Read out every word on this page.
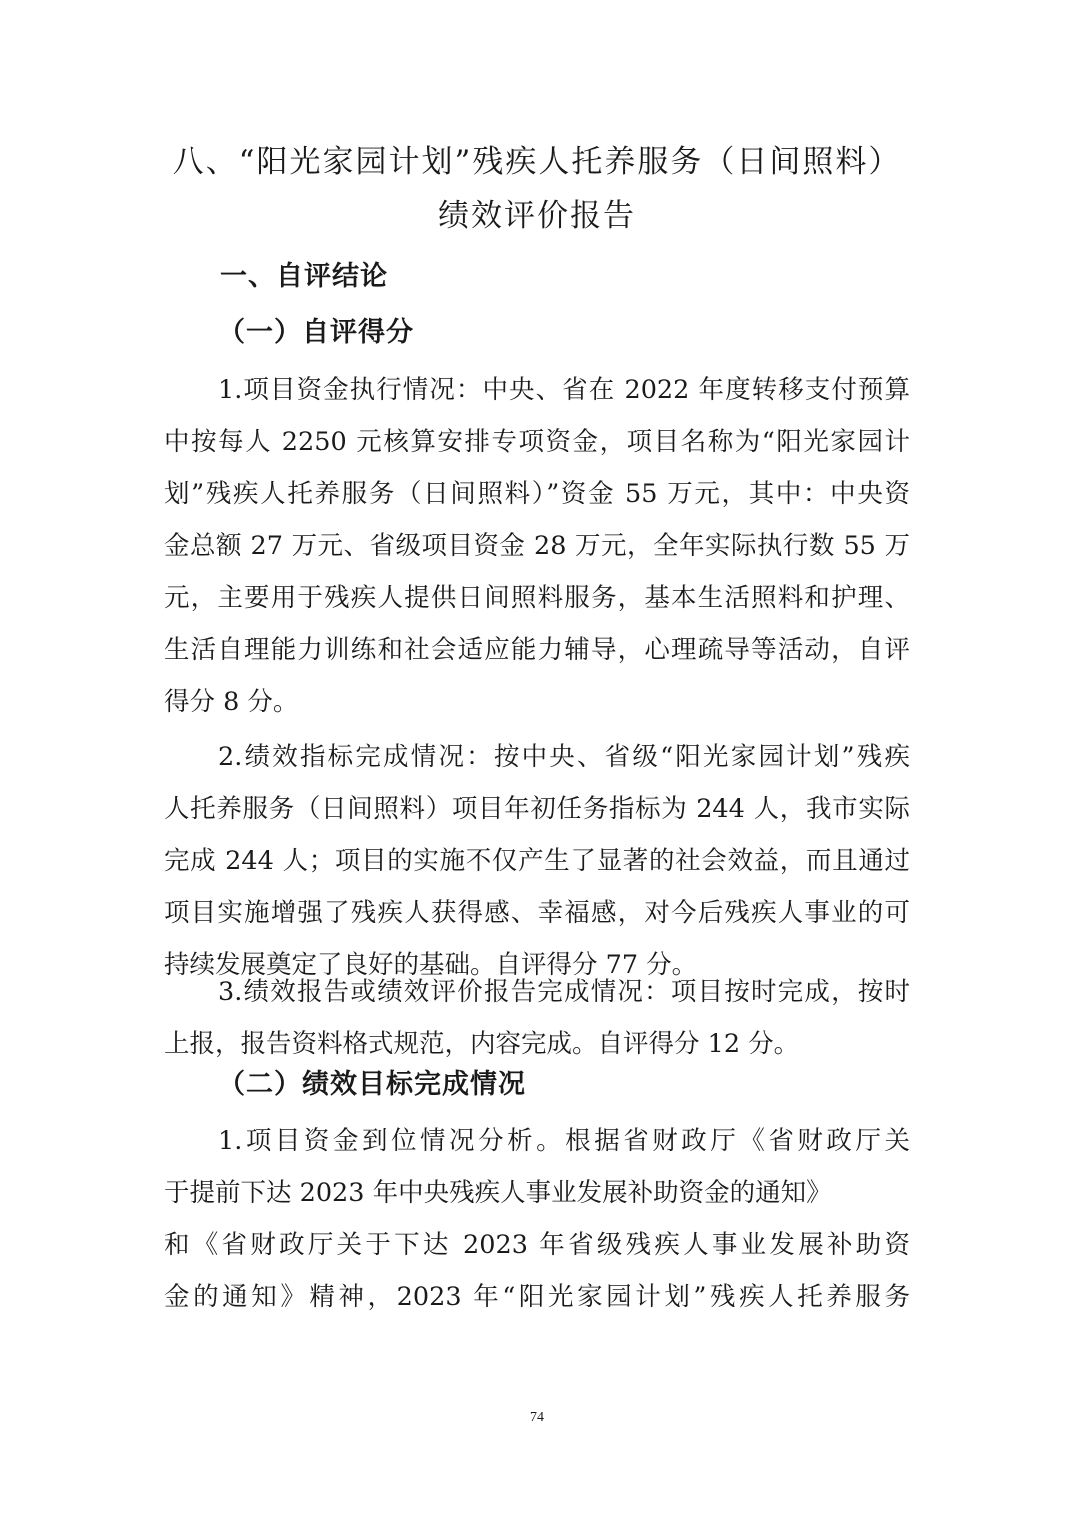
八、“阳光家园计划”残疾人托养服务（日间照料）
绩效评价报告
一、自评结论
（一）自评得分
1.项目资金执行情况：中央、省在 2022 年度转移支付预算
中按每人 2250 元核算安排专项资金，项目名称为“阳光家园计
划”残疾人托养服务（日间照料）”资金 55 万元，其中：中央资
金总额 27 万元、省级项目资金 28 万元，全年实际执行数 55 万
元，主要用于残疾人提供日间照料服务，基本生活照料和护理、
生活自理能力训练和社会适应能力辅导，心理疏导等活动，自评
得分 8 分。
2.绩效指标完成情况：按中央、省级“阳光家园计划”残疾
人托养服务（日间照料）项目年初任务指标为 244 人，我市实际
完成 244 人；项目的实施不仅产生了显著的社会效益，而且通过
项目实施增强了残疾人获得感、幸福感，对今后残疾人事业的可
持续发展奠定了良好的基础。自评得分 77 分。
3.绩效报告或绩效评价报告完成情况：项目按时完成，按时
上报，报告资料格式规范，内容完成。自评得分 12 分。
（二）绩效目标完成情况
1.项目资金到位情况分析。根据省财政厅《省财政厅关
于提前下达 2023 年中央残疾人事业发展补助资金的通知》
和《省财政厅关于下达 2023 年省级残疾人事业发展补助资
金的通知》精神，2023 年“阳光家园计划”残疾人托养服务
74
